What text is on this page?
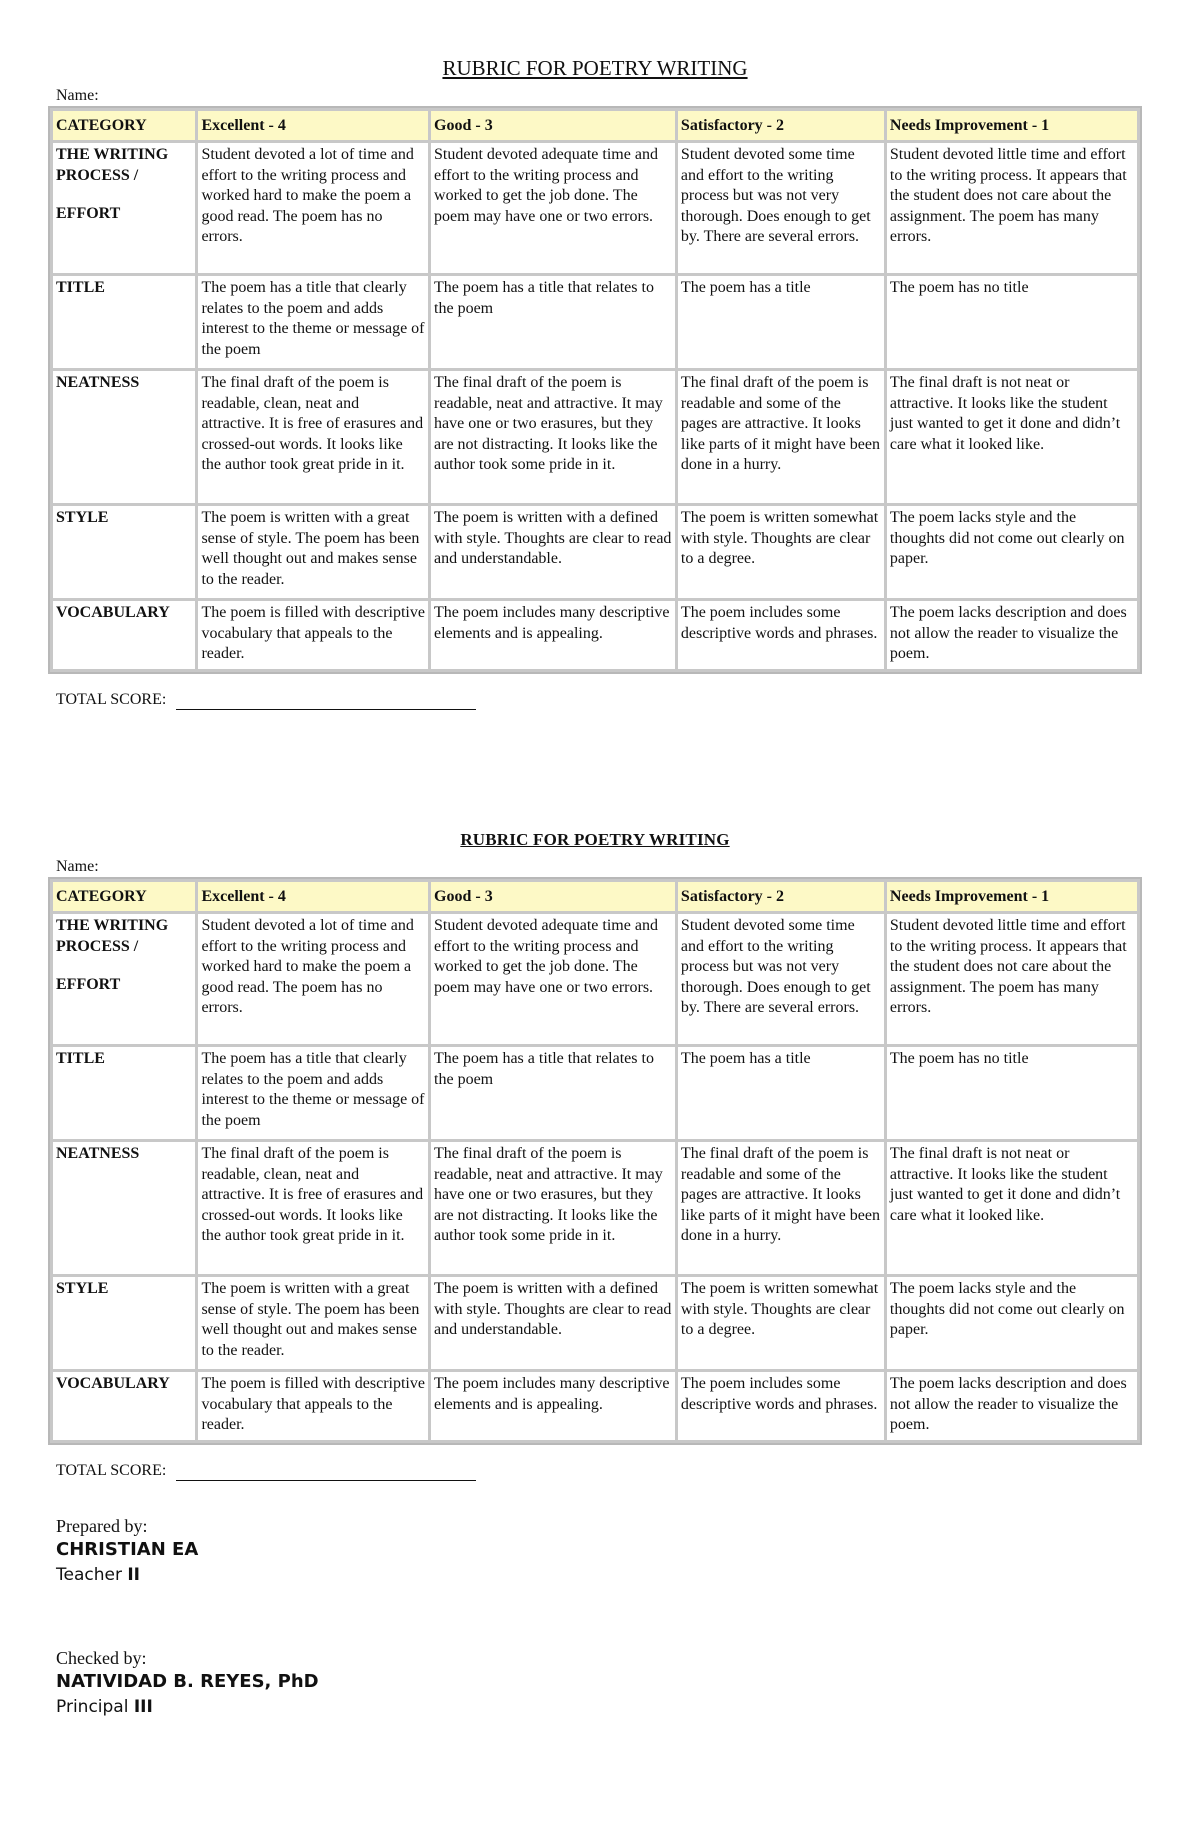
RUBRIC FOR POETRY WRITING
Name:
CATEGORY	Excellent - 4	Good - 3	Satisfactory - 2	Needs Improvement - 1
THE WRITING PROCESS /
EFFORT	Student devoted a lot of time and effort to the writing process and worked hard to make the poem a good read. The poem has no errors.	Student devoted adequate time and effort to the writing process and worked to get the job done. The poem may have one or two errors.	Student devoted some time and effort to the writing process but was not very thorough. Does enough to get by. There are several errors.	Student devoted little time and effort to the writing process. It appears that the student does not care about the assignment. The poem has many errors.
TITLE	The poem has a title that clearly relates to the poem and adds interest to the theme or message of the poem	The poem has a title that relates to the poem	The poem has a title	The poem has no title
NEATNESS	The final draft of the poem is readable, clean, neat and attractive. It is free of erasures and crossed-out words. It looks like the author took great pride in it.	The final draft of the poem is readable, neat and attractive. It may have one or two erasures, but they are not distracting. It looks like the author took some pride in it.	The final draft of the poem is readable and some of the pages are attractive. It looks like parts of it might have been done in a hurry.	The final draft is not neat or attractive. It looks like the student just wanted to get it done and didn’t care what it looked like.
STYLE	The poem is written with a great sense of style. The poem has been well thought out and makes sense to the reader.	The poem is written with a defined with style. Thoughts are clear to read and understandable.	The poem is written somewhat with style. Thoughts are clear to a degree.	The poem lacks style and the thoughts did not come out clearly on paper.
VOCABULARY	The poem is filled with descriptive vocabulary that appeals to the reader.	The poem includes many descriptive elements and is appealing.	The poem includes some descriptive words and phrases.	The poem lacks description and does not allow the reader to visualize the poem.
TOTAL SCORE:
RUBRIC FOR POETRY WRITING
Name:
CATEGORY	Excellent - 4	Good - 3	Satisfactory - 2	Needs Improvement - 1
THE WRITING PROCESS /
EFFORT	Student devoted a lot of time and effort to the writing process and worked hard to make the poem a good read. The poem has no errors.	Student devoted adequate time and effort to the writing process and worked to get the job done. The poem may have one or two errors.	Student devoted some time and effort to the writing process but was not very thorough. Does enough to get by. There are several errors.	Student devoted little time and effort to the writing process. It appears that the student does not care about the assignment. The poem has many errors.
TITLE	The poem has a title that clearly relates to the poem and adds interest to the theme or message of the poem	The poem has a title that relates to the poem	The poem has a title	The poem has no title
NEATNESS	The final draft of the poem is readable, clean, neat and attractive. It is free of erasures and crossed-out words. It looks like the author took great pride in it.	The final draft of the poem is readable, neat and attractive. It may have one or two erasures, but they are not distracting. It looks like the author took some pride in it.	The final draft of the poem is readable and some of the pages are attractive. It looks like parts of it might have been done in a hurry.	The final draft is not neat or attractive. It looks like the student just wanted to get it done and didn’t care what it looked like.
STYLE	The poem is written with a great sense of style. The poem has been well thought out and makes sense to the reader.	The poem is written with a defined with style. Thoughts are clear to read and understandable.	The poem is written somewhat with style. Thoughts are clear to a degree.	The poem lacks style and the thoughts did not come out clearly on paper.
VOCABULARY	The poem is filled with descriptive vocabulary that appeals to the reader.	The poem includes many descriptive elements and is appealing.	The poem includes some descriptive words and phrases.	The poem lacks description and does not allow the reader to visualize the poem.
TOTAL SCORE:
Prepared by:
CHRISTIAN EA
Teacher II
Checked by:
NATIVIDAD B. REYES, PhD
Principal III
